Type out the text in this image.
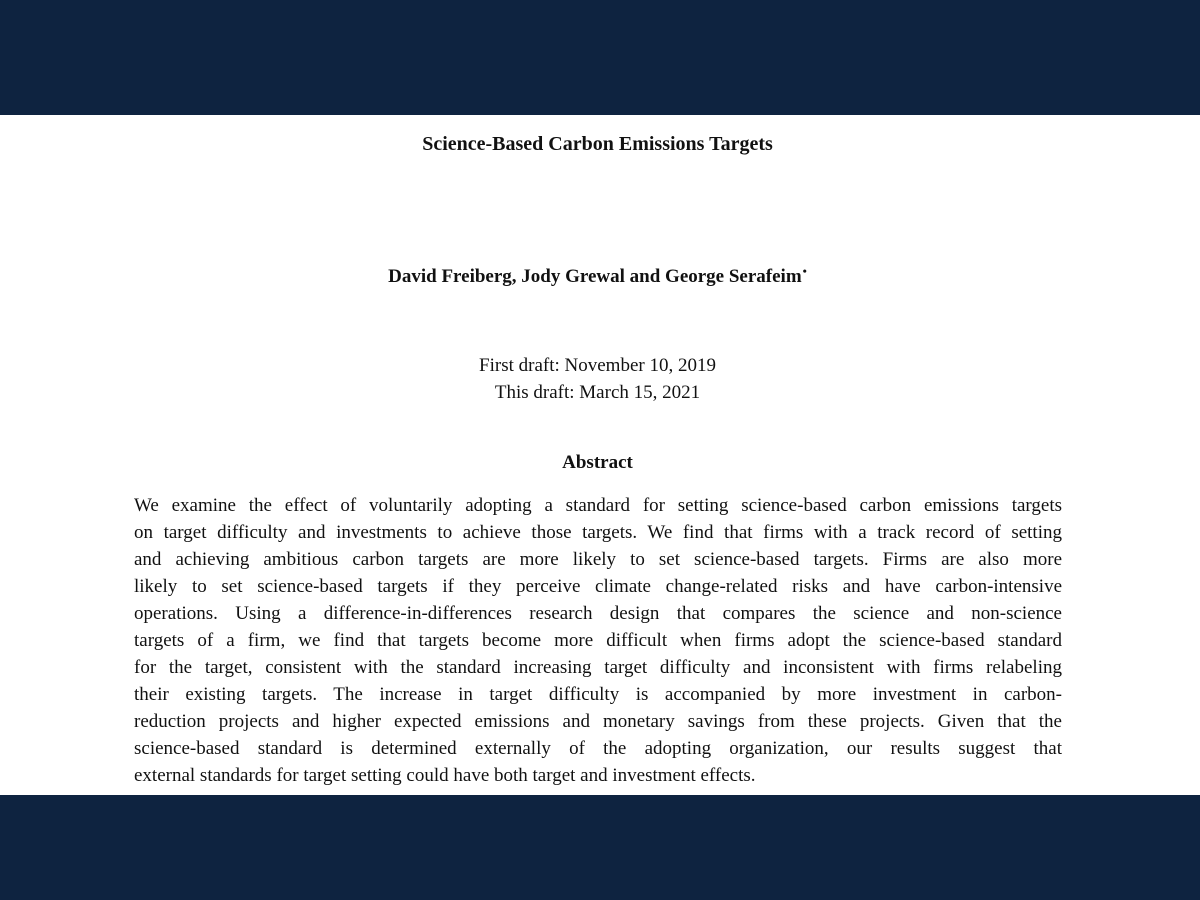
Science-Based Carbon Emissions Targets
David Freiberg, Jody Grewal and George Serafeim•
First draft: November 10, 2019
This draft: March 15, 2021
Abstract
We examine the effect of voluntarily adopting a standard for setting science-based carbon emissions targets
on target difficulty and investments to achieve those targets. We find that firms with a track record of setting
and achieving ambitious carbon targets are more likely to set science-based targets. Firms are also more
likely to set science-based targets if they perceive climate change-related risks and have carbon-intensive
operations. Using a difference-in-differences research design that compares the science and non-science
targets of a firm, we find that targets become more difficult when firms adopt the science-based standard
for the target, consistent with the standard increasing target difficulty and inconsistent with firms relabeling
their existing targets. The increase in target difficulty is accompanied by more investment in carbon-
reduction projects and higher expected emissions and monetary savings from these projects. Given that the
science-based standard is determined externally of the adopting organization, our results suggest that
external standards for target setting could have both target and investment effects.
